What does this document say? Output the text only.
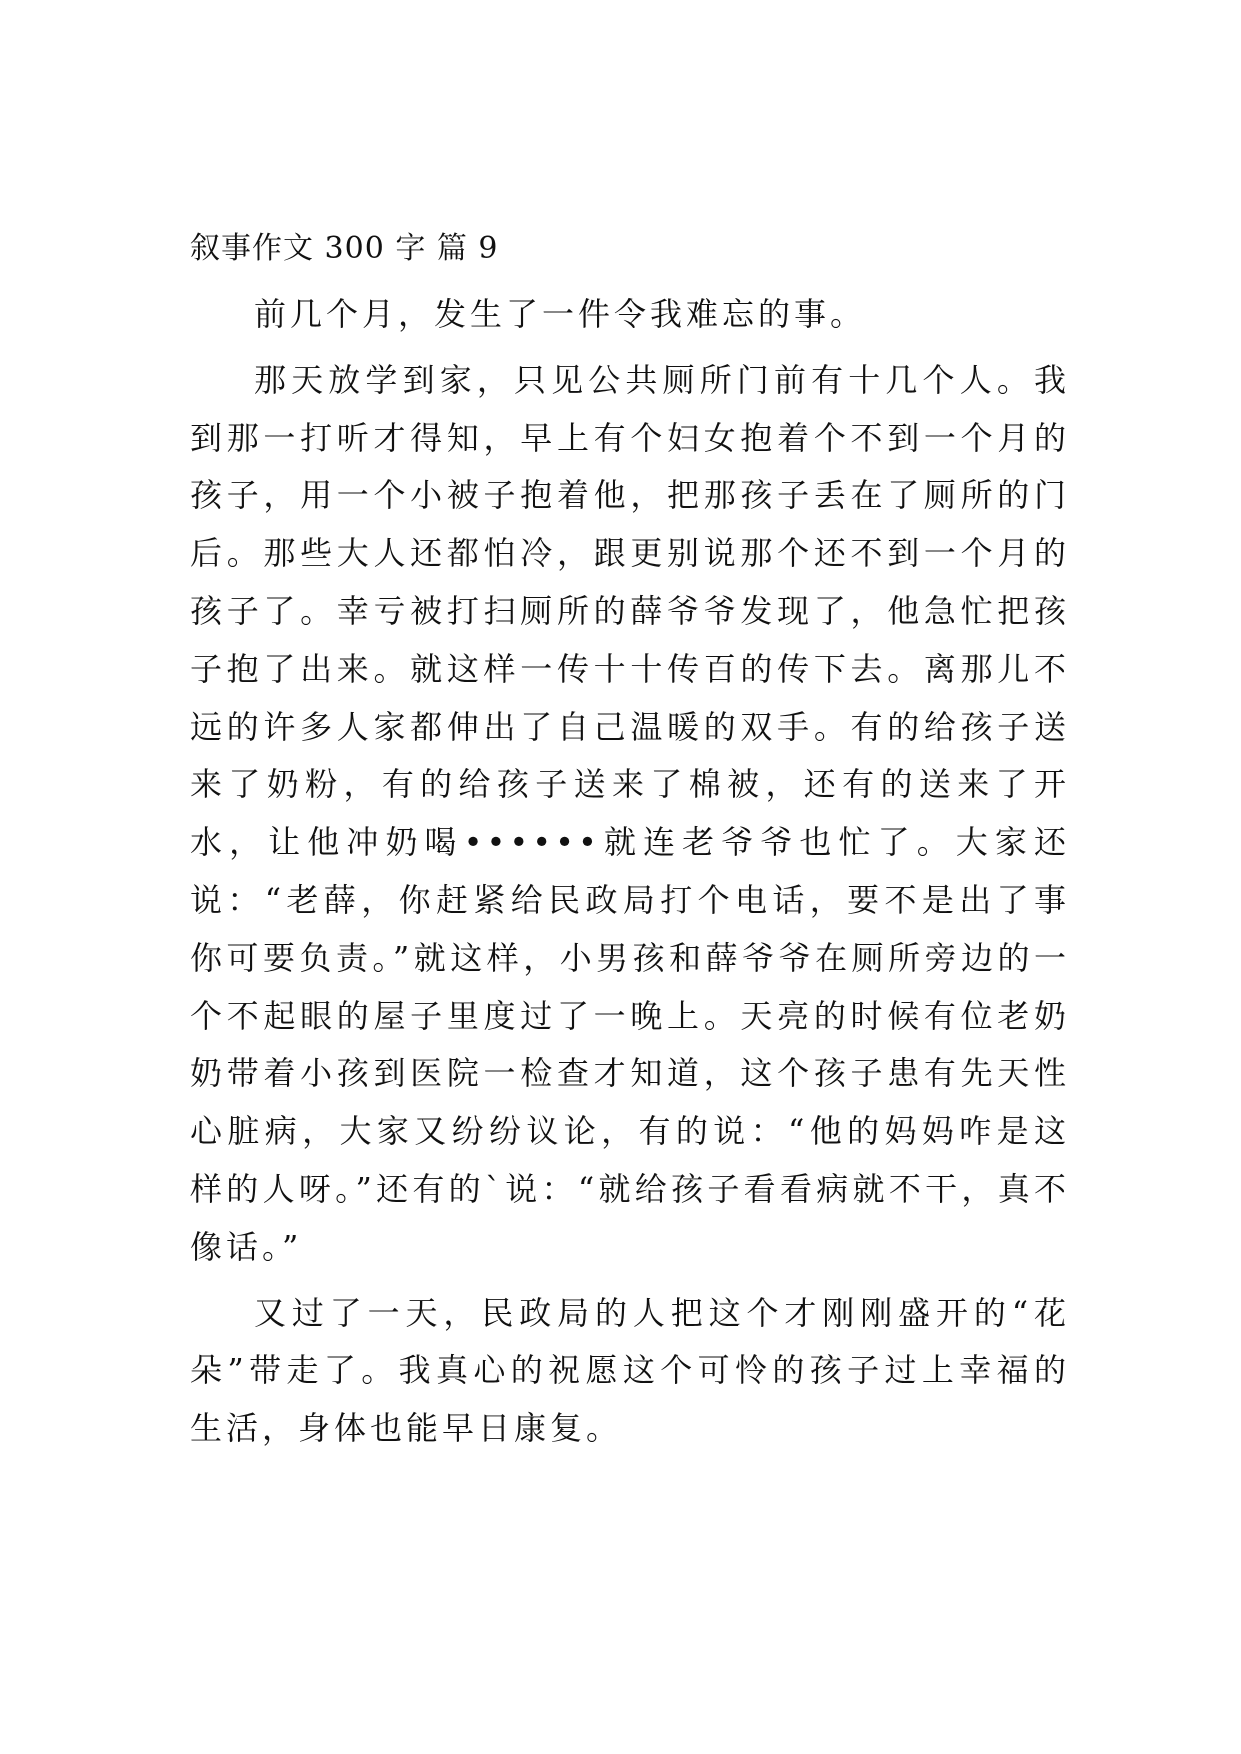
叙事作文 300 字 篇 9

前几个月，发生了一件令我难忘的事。

那天放学到家，只见公共厕所门前有十几个人。我到那一打听才得知，早上有个妇女抱着个不到一个月的孩子，用一个小被子抱着他，把那孩子丢在了厕所的门后。那些大人还都怕冷，跟更别说那个还不到一个月的孩子了。幸亏被打扫厕所的薛爷爷发现了，他急忙把孩子抱了出来。就这样一传十十传百的传下去。离那儿不远的许多人家都伸出了自己温暖的双手。有的给孩子送来了奶粉，有的给孩子送来了棉被，还有的送来了开水，让他冲奶喝••••••就连老爷爷也忙了。大家还说：“老薛，你赶紧给民政局打个电话，要不是出了事你可要负责。”就这样，小男孩和薛爷爷在厕所旁边的一个不起眼的屋子里度过了一晚上。天亮的时候有位老奶奶带着小孩到医院一检查才知道，这个孩子患有先天性心脏病，大家又纷纷议论，有的说：“他的妈妈咋是这样的人呀。”还有的`说：“就给孩子看看病就不干，真不像话。”

又过了一天，民政局的人把这个才刚刚盛开的“花朵”带走了。我真心的祝愿这个可怜的孩子过上幸福的生活，身体也能早日康复。
